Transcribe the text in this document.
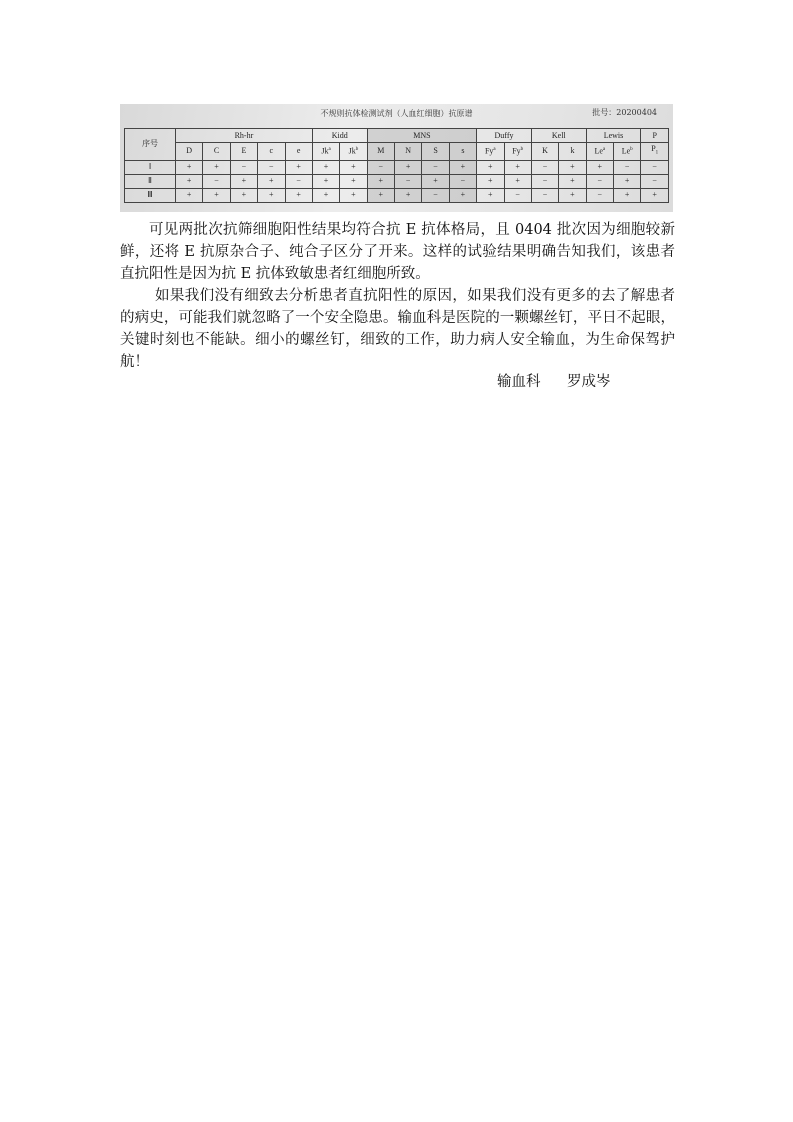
不规则抗体检测试剂（人血红细胞）抗原谱	批号：20200404
序号	Rh-hr					Kidd		MNS				Duffy		Kell		Lewis		P
	D	C	E	c	e	Jk$^a$	Jk$^b$	M	N	S	s	Fy$^a$	Fy$^b$	K	k	Le$^a$	Le$^b$	$P_1$
Ⅰ	+	+	−	−	+	+	+	−	+	−	+	+	+	−	+	+	−	−
Ⅱ	+	−	+	+	−	+	+	+	−	+	−	+	+	−	+	−	+	−
Ⅲ	+	+	+	+	+	+	+	+	+	−	+	+	−	−	+	−	+	+
可见两批次抗筛细胞阳性结果均符合抗 E 抗体格局，且 0404 批次因为细胞较新鲜，还将 E 抗原杂合子、纯合子区分了开来。这样的试验结果明确告知我们，该患者直抗阳性是因为抗 E 抗体致敏患者红细胞所致。
如果我们没有细致去分析患者直抗阳性的原因，如果我们没有更多的去了解患者的病史，可能我们就忽略了一个安全隐患。输血科是医院的一颗螺丝钉，平日不起眼，关键时刻也不能缺。细小的螺丝钉，细致的工作，助力病人安全输血，为生命保驾护航！
输血科 罗成岑
